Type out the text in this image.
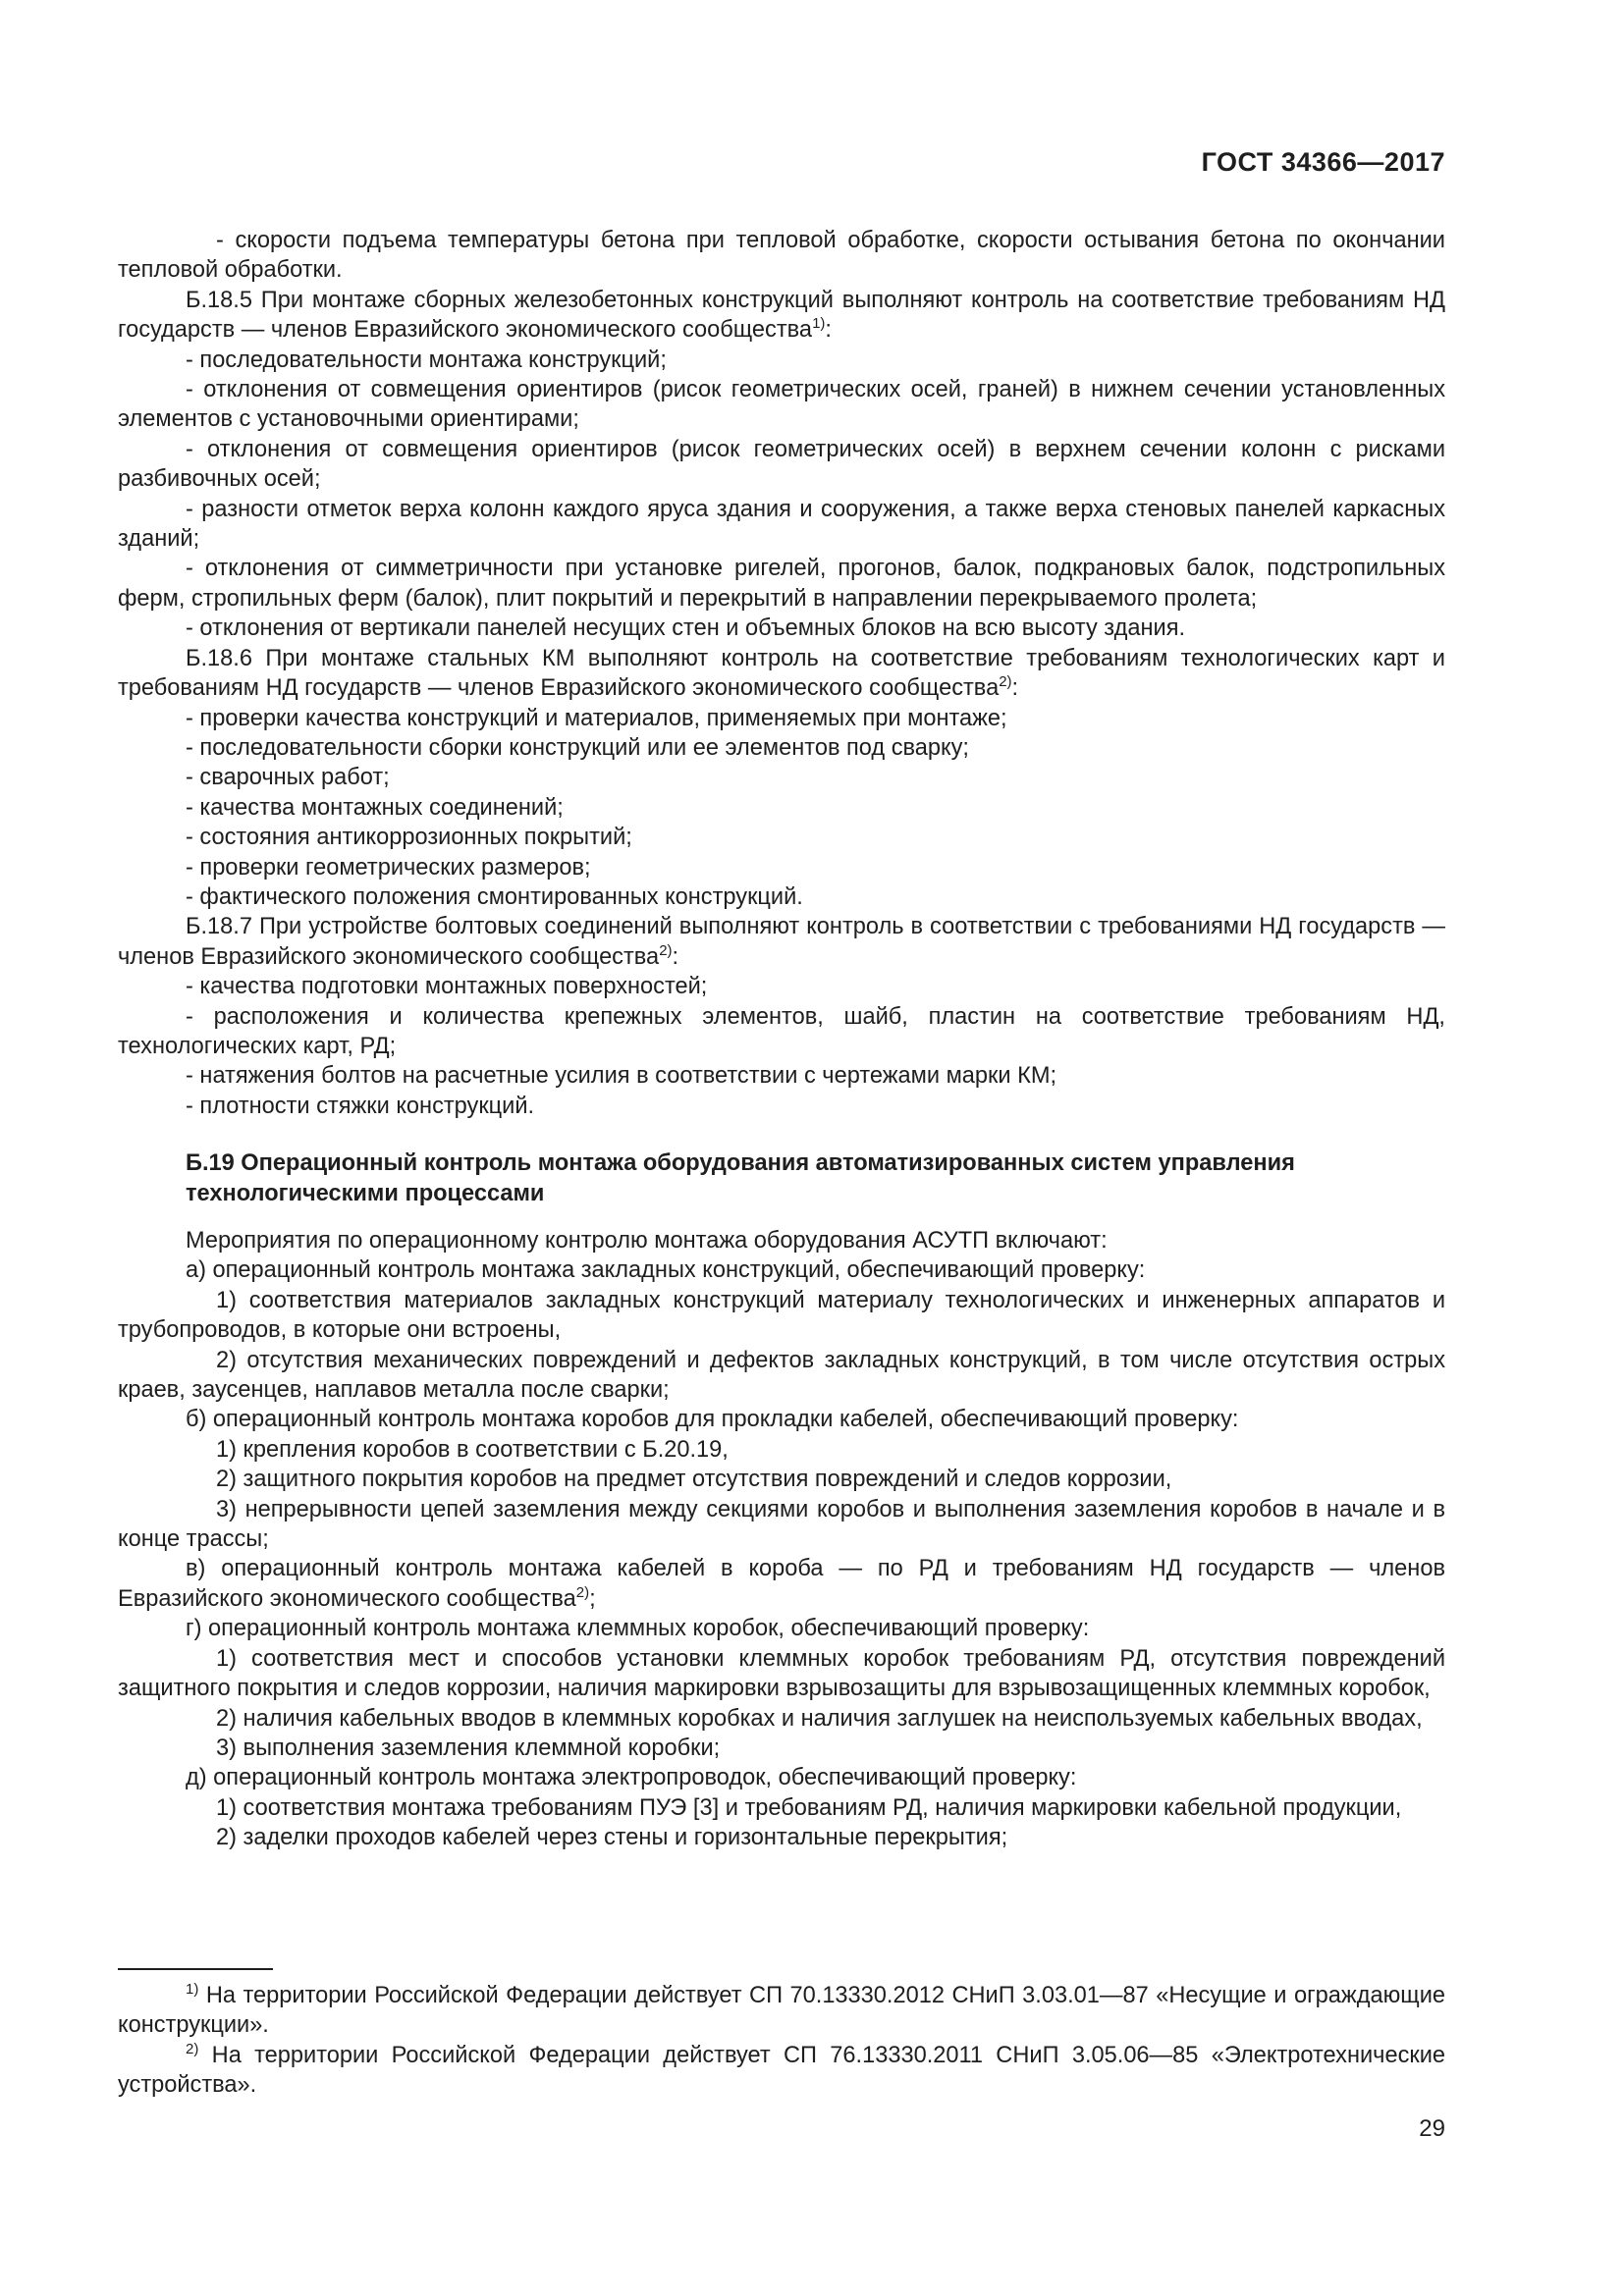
ГОСТ 34366—2017

- скорости подъема температуры бетона при тепловой обработке, скорости остывания бетона по окончании тепловой обработки.

Б.18.5 При монтаже сборных железобетонных конструкций выполняют контроль на соответствие требованиям НД государств — членов Евразийского экономического сообщества$^{1)}$:

- последовательности монтажа конструкций;

- отклонения от совмещения ориентиров (рисок геометрических осей, граней) в нижнем сечении установленных элементов с установочными ориентирами;

- отклонения от совмещения ориентиров (рисок геометрических осей) в верхнем сечении колонн с рисками разбивочных осей;

- разности отметок верха колонн каждого яруса здания и сооружения, а также верха стеновых панелей каркасных зданий;

- отклонения от симметричности при установке ригелей, прогонов, балок, подкрановых балок, подстропильных ферм, стропильных ферм (балок), плит покрытий и перекрытий в направлении перекрываемого пролета;

- отклонения от вертикали панелей несущих стен и объемных блоков на всю высоту здания.

Б.18.6 При монтаже стальных КМ выполняют контроль на соответствие требованиям технологических карт и требованиям НД государств — членов Евразийского экономического сообщества$^{2)}$:

- проверки качества конструкций и материалов, применяемых при монтаже;

- последовательности сборки конструкций или ее элементов под сварку;

- сварочных работ;

- качества монтажных соединений;

- состояния антикоррозионных покрытий;

- проверки геометрических размеров;

- фактического положения смонтированных конструкций.

Б.18.7 При устройстве болтовых соединений выполняют контроль в соответствии с требованиями НД государств — членов Евразийского экономического сообщества$^{2)}$:

- качества подготовки монтажных поверхностей;

- расположения и количества крепежных элементов, шайб, пластин на соответствие требованиям НД, технологических карт, РД;

- натяжения болтов на расчетные усилия в соответствии с чертежами марки КМ;

- плотности стяжки конструкций.

Б.19 Операционный контроль монтажа оборудования автоматизированных систем управления технологическими процессами

Мероприятия по операционному контролю монтажа оборудования АСУТП включают:

а) операционный контроль монтажа закладных конструкций, обеспечивающий проверку:

1) соответствия материалов закладных конструкций материалу технологических и инженерных аппаратов и трубопроводов, в которые они встроены,

2) отсутствия механических повреждений и дефектов закладных конструкций, в том числе отсутствия острых краев, заусенцев, наплавов металла после сварки;

б) операционный контроль монтажа коробов для прокладки кабелей, обеспечивающий проверку:

1) крепления коробов в соответствии с Б.20.19,

2) защитного покрытия коробов на предмет отсутствия повреждений и следов коррозии,

3) непрерывности цепей заземления между секциями коробов и выполнения заземления коробов в начале и в конце трассы;

в) операционный контроль монтажа кабелей в короба — по РД и требованиям НД государств — членов Евразийского экономического сообщества$^{2)}$;

г) операционный контроль монтажа клеммных коробок, обеспечивающий проверку:

1) соответствия мест и способов установки клеммных коробок требованиям РД, отсутствия повреждений защитного покрытия и следов коррозии, наличия маркировки взрывозащиты для взрывозащищенных клеммных коробок,

2) наличия кабельных вводов в клеммных коробках и наличия заглушек на неиспользуемых кабельных вводах,

3) выполнения заземления клеммной коробки;

д) операционный контроль монтажа электропроводок, обеспечивающий проверку:

1) соответствия монтажа требованиям ПУЭ [3] и требованиям РД, наличия маркировки кабельной продукции,

2) заделки проходов кабелей через стены и горизонтальные перекрытия;

$^{1)}$ На территории Российской Федерации действует СП 70.13330.2012 СНиП 3.03.01—87 «Несущие и ограждающие конструкции».

$^{2)}$ На территории Российской Федерации действует СП 76.13330.2011 СНиП 3.05.06—85 «Электротехнические устройства».

29
